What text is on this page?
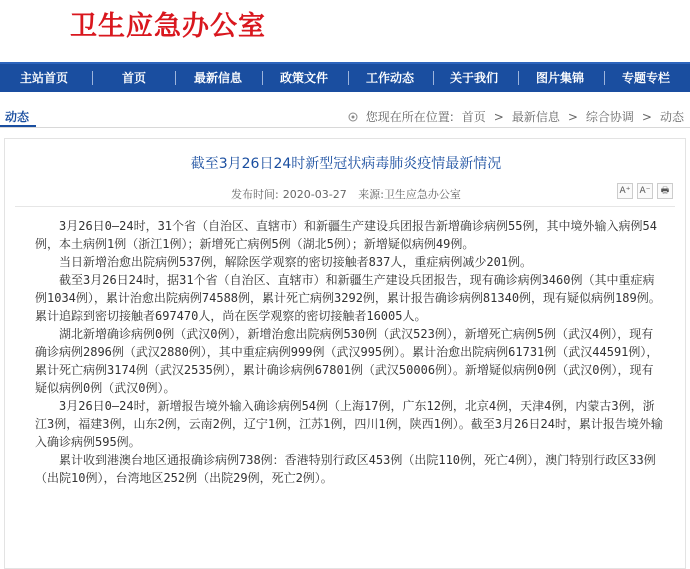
卫生应急办公室
主站首页	首页	最新信息	政策文件	工作动态	关于我们	图片集锦	专题专栏
动态	您现在所在位置: 首页 > 最新信息 > 综合协调 > 动态
截至3月26日24时新型冠状病毒肺炎疫情最新情况
发布时间: 2020-03-27 来源:卫生应急办公室	A⁺ A⁻	🖶

3月26日0—24时，31个省（自治区、直辖市）和新疆生产建设兵团报告新增确诊病例55例，其中境外输入病例54例，本土病例1例（浙江1例）；新增死亡病例5例（湖北5例）；新增疑似病例49例。

当日新增治愈出院病例537例，解除医学观察的密切接触者837人，重症病例减少201例。

截至3月26日24时，据31个省（自治区、直辖市）和新疆生产建设兵团报告，现有确诊病例3460例（其中重症病例1034例），累计治愈出院病例74588例，累计死亡病例3292例，累计报告确诊病例81340例，现有疑似病例189例。累计追踪到密切接触者697470人，尚在医学观察的密切接触者16005人。

湖北新增确诊病例0例（武汉0例），新增治愈出院病例530例（武汉523例），新增死亡病例5例（武汉4例），现有确诊病例2896例（武汉2880例），其中重症病例999例（武汉995例）。累计治愈出院病例61731例（武汉44591例），累计死亡病例3174例（武汉2535例），累计确诊病例67801例（武汉50006例）。新增疑似病例0例（武汉0例），现有疑似病例0例（武汉0例）。

3月26日0—24时，新增报告境外输入确诊病例54例（上海17例，广东12例，北京4例，天津4例，内蒙古3例，浙江3例，福建3例，山东2例，云南2例，辽宁1例，江苏1例，四川1例，陕西1例）。截至3月26日24时，累计报告境外输入确诊病例595例。

累计收到港澳台地区通报确诊病例738例：香港特别行政区453例（出院110例，死亡4例），澳门特别行政区33例（出院10例），台湾地区252例（出院29例，死亡2例）。
